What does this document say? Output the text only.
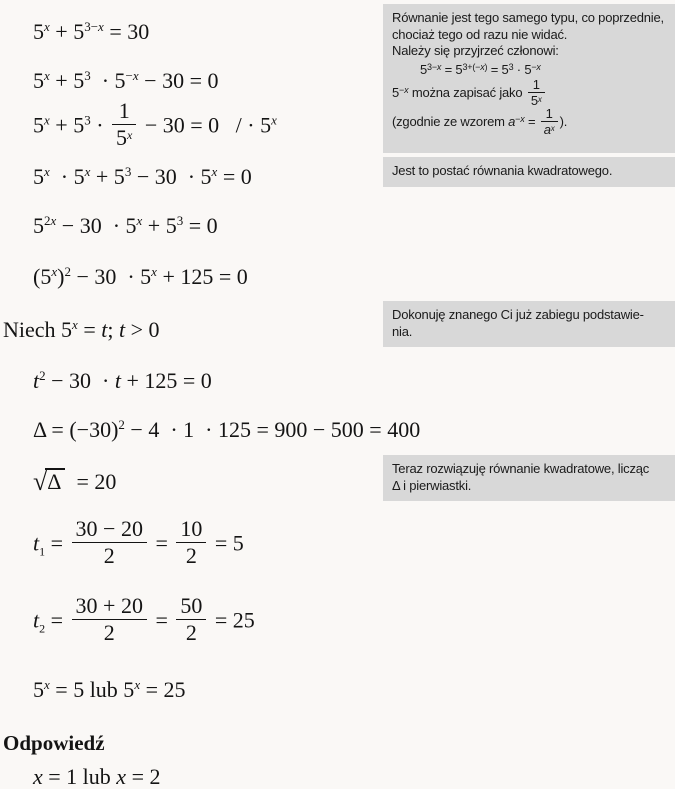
$5^x + 5^{3-x} = 30$
$5^x + 5^3 \cdot 5^{-x} - 30 = 0$
$5^x + 5^3 \cdot \frac{1}{5^x} - 30 = 0$   / · $5^x$
$5^x \cdot 5^x + 5^3 - 30 \cdot 5^x = 0$
$5^{2x} - 30 \cdot 5^x + 5^3 = 0$
$(5^x)^2 - 30 \cdot 5^x + 125 = 0$
Niech $5^x = t$; t > 0
$t^2 - 30 \cdot t + 125 = 0$
$\Delta = (-30)^2 - 4 \cdot 1 \cdot 125 = 900 - 500 = 400$
√Δ  = 20
$t_1 = \frac{30 - 20}{2} = \frac{10}{2} = 5$
$t_2 = \frac{30 + 20}{2} = \frac{50}{2} = 25$
$5^x = 5$ lub $5^x = 25$
Odpowiedź
x = 1 lub x = 2

Równanie jest tego samego typu, co poprzednie,
chociaż tego od razu nie widać.
Należy się przyjrzeć członowi:

$5^{3-x} = 5^{3+(-x)} = 5^3 \cdot 5^{-x}$

$5^{-x}$ można zapisać jako $\frac{1}{5^x}$

(zgodnie ze wzorem $a^{-x} = \frac{1}{a^x}$ ).

Jest to postać równania kwadratowego.

Dokonuję znanego Ci już zabiegu podstawie-
nia.

Teraz rozwiązuję równanie kwadratowe, licząc
Δ i pierwiastki.
